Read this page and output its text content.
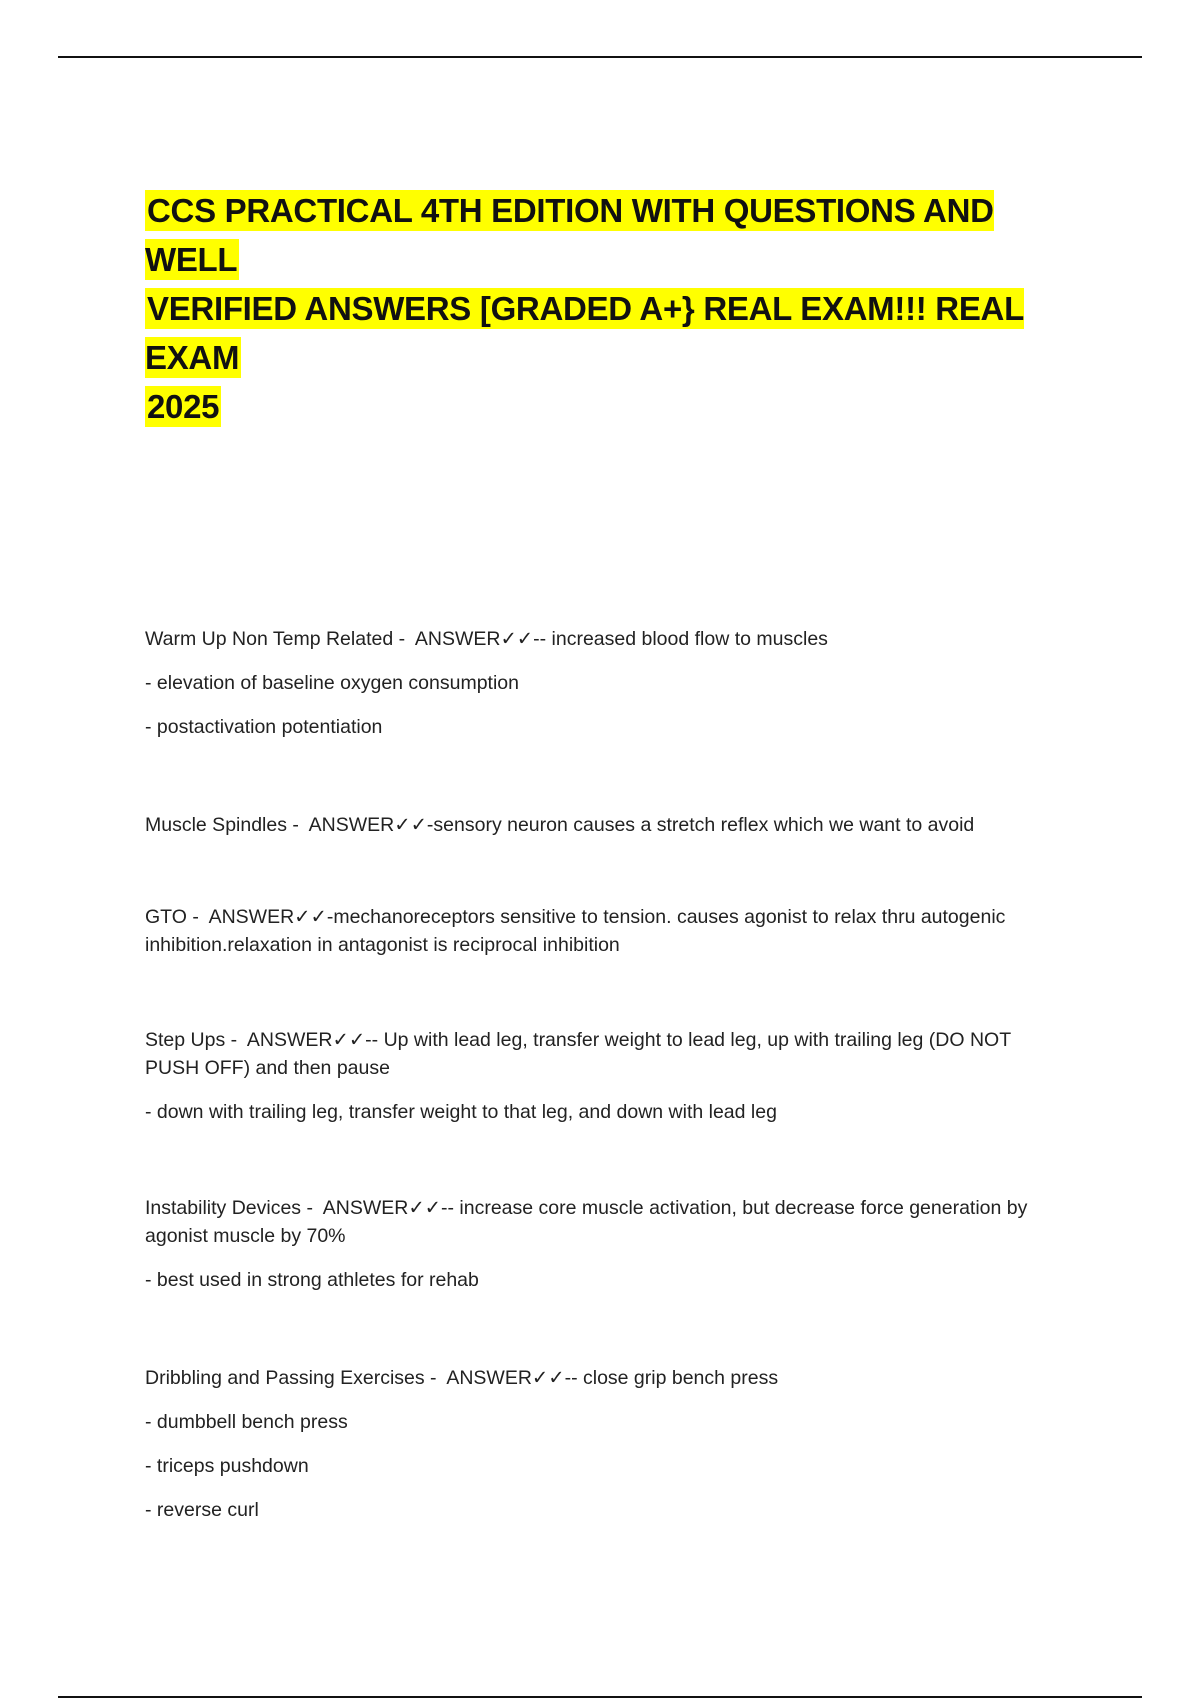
CCS PRACTICAL 4TH EDITION WITH QUESTIONS AND WELL
VERIFIED ANSWERS [GRADED A+} REAL EXAM!!! REAL EXAM
2025

Warm Up Non Temp Related -  ANSWER✓✓-- increased blood flow to muscles

- elevation of baseline oxygen consumption

- postactivation potentiation

Muscle Spindles -  ANSWER✓✓-sensory neuron causes a stretch reflex which we want to avoid

GTO -  ANSWER✓✓-mechanoreceptors sensitive to tension. causes agonist to relax thru autogenic inhibition.relaxation in antagonist is reciprocal inhibition

Step Ups -  ANSWER✓✓-- Up with lead leg, transfer weight to lead leg, up with trailing leg (DO NOT PUSH OFF) and then pause

- down with trailing leg, transfer weight to that leg, and down with lead leg

Instability Devices -  ANSWER✓✓-- increase core muscle activation, but decrease force generation by agonist muscle by 70%

- best used in strong athletes for rehab

Dribbling and Passing Exercises -  ANSWER✓✓-- close grip bench press

- dumbbell bench press

- triceps pushdown

- reverse curl
